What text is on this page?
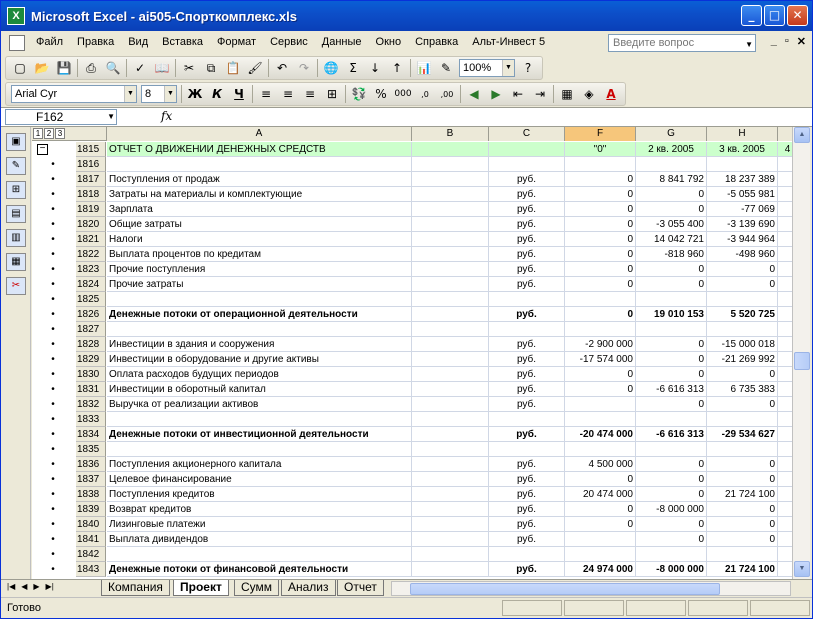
X Microsoft Excel - ai505-Спорткомплекс.xls	_	□	✕
Файл	Правка	Вид	Вставка	Формат	Сервис	Данные	Окно	Справка	Альт-Инвест 5	Введите вопрос	▼ _ ▫ ✕
▢ 📂 💾	⎙ 🔍	✓ 📖	✂	⧉ 📋 🖌	↶ ↷	🌐 Σ	↓ ↑	📊 ✎	100%	▼	?
Arial Cyr	▼	8	▼	Ж К	Ч	≡ ≡ ≡ ⊞	💱 % 000	,0	,00	◀	▶	⇤ ⇥	▦ ◈	A
F162	▼	fx
▣
✎
⊞
▤
▥
▦
✂
1 2 3	A	B	C	F	G	H
−	1815 ОТЧЕТ О ДВИЖЕНИИ ДЕНЕЖНЫХ СРЕДСТВ	"0"	2 кв. 2005	3 кв. 2005	4
• 1816
• 1817 Поступления от продаж	руб.	0	8 841 792	18 237 389
• 1818 Затраты на материалы и комплектующие	руб.	0	0	-5 055 981
• 1819 Зарплата	руб.	0	0	-77 069
• 1820 Общие затраты	руб.	0	-3 055 400	-3 139 690
• 1821 Налоги	руб.	0	14 042 721	-3 944 964
• 1822 Выплата процентов по кредитам	руб.	0	-818 960	-498 960
• 1823 Прочие поступления	руб.	0	0	0
• 1824 Прочие затраты	руб.	0	0	0
• 1825
• 1826 Денежные потоки от операционной деятельности	руб.	0	19 010 153	5 520 725
• 1827
• 1828 Инвестиции в здания и сооружения	руб.	-2 900 000	0	-15 000 018
• 1829 Инвестиции в оборудование и другие активы	руб.	-17 574 000	0	-21 269 992
• 1830 Оплата расходов будущих периодов	руб.	0	0	0
• 1831 Инвестиции в оборотный капитал	руб.	0	-6 616 313	6 735 383
• 1832 Выручка от реализации активов	руб.	0	0
• 1833
• 1834 Денежные потоки от инвестиционной деятельности	руб.	-20 474 000	-6 616 313	-29 534 627
• 1835
• 1836 Поступления акционерного капитала	руб.	4 500 000	0	0
• 1837 Целевое финансирование	руб.	0	0	0
• 1838 Поступления кредитов	руб.	20 474 000	0	21 724 100
• 1839 Возврат кредитов	руб.	0	-8 000 000	0
• 1840 Лизинговые платежи	руб.	0	0	0
• 1841 Выплата дивидендов	руб.	0	0
• 1842
• 1843 Денежные потоки от финансовой деятельности	руб.	24 974 000	-8 000 000	21 724 100
▲
▼
|◀ ◀ ▶ ▶|	Компания	Проект	Сумм	Анализ	Отчет
Готово
